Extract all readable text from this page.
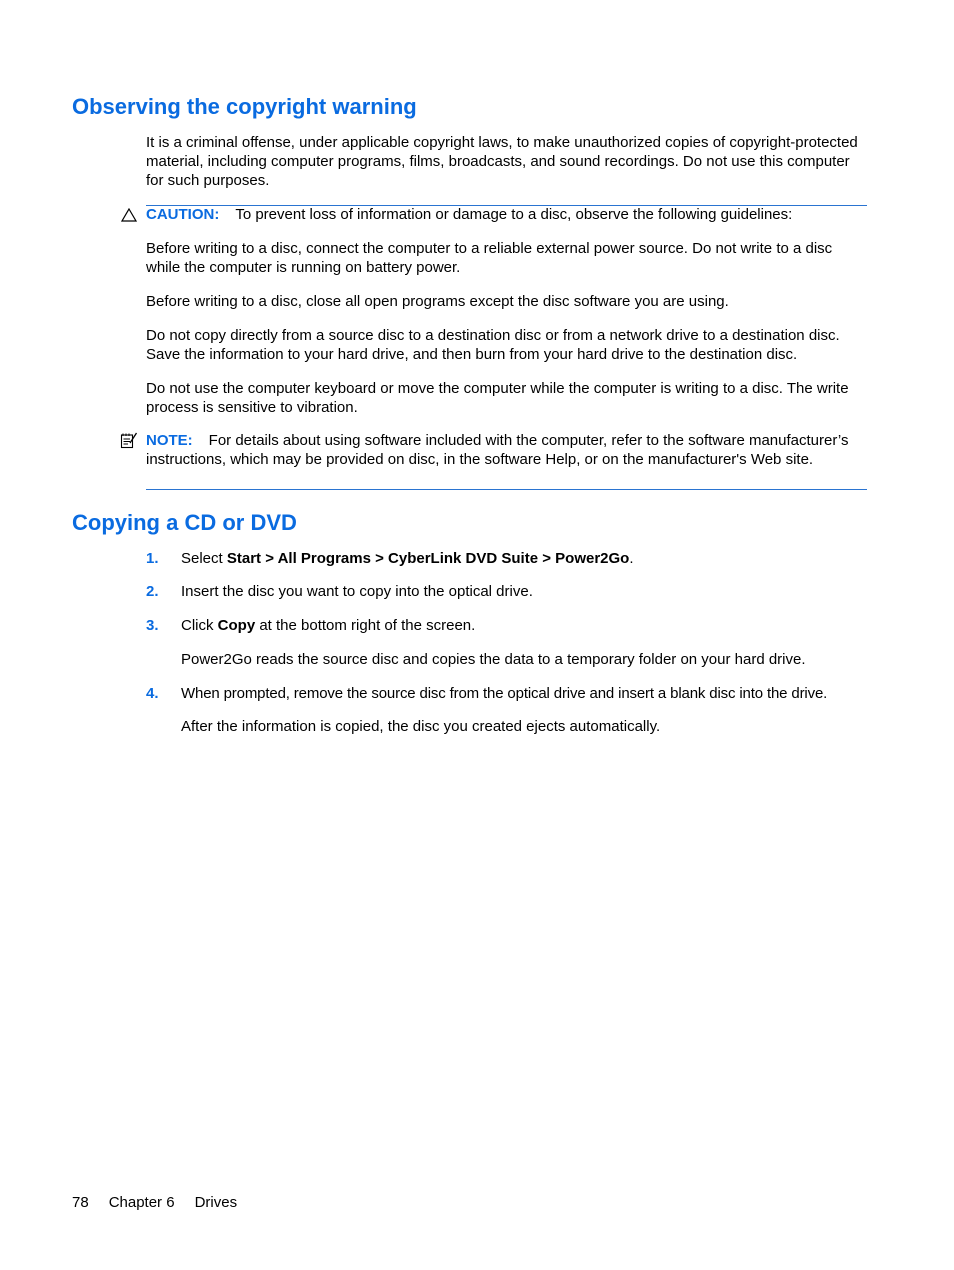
Observing the copyright warning

It is a criminal offense, under applicable copyright laws, to make unauthorized copies of copyright-protected material, including computer programs, films, broadcasts, and sound recordings. Do not use this computer for such purposes.

CAUTION: To prevent loss of information or damage to a disc, observe the following guidelines:

Before writing to a disc, connect the computer to a reliable external power source. Do not write to a disc while the computer is running on battery power.

Before writing to a disc, close all open programs except the disc software you are using.

Do not copy directly from a source disc to a destination disc or from a network drive to a destination disc. Save the information to your hard drive, and then burn from your hard drive to the destination disc.

Do not use the computer keyboard or move the computer while the computer is writing to a disc. The write process is sensitive to vibration.

NOTE: For details about using software included with the computer, refer to the software manufacturer’s instructions, which may be provided on disc, in the software Help, or on the manufacturer's Web site.

Copying a CD or DVD
1. Select Start > All Programs > CyberLink DVD Suite > Power2Go.

2. Insert the disc you want to copy into the optical drive.

3. Click Copy at the bottom right of the screen.

Power2Go reads the source disc and copies the data to a temporary folder on your hard drive.

4. When prompted, remove the source disc from the optical drive and insert a blank disc into the drive.

After the information is copied, the disc you created ejects automatically.

78 Chapter 6 Drives
